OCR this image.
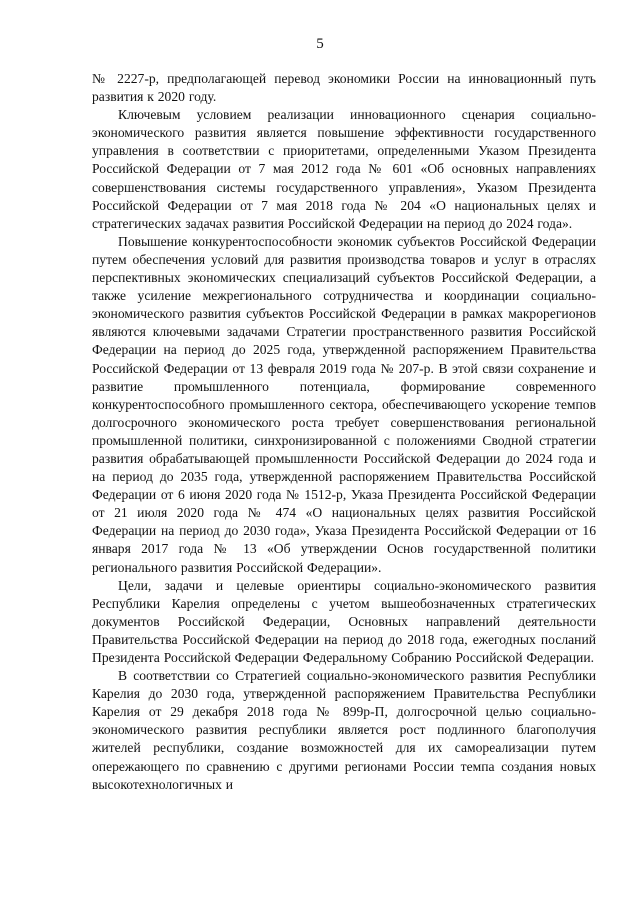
5

№ 2227-р, предполагающей перевод экономики России на инновационный путь развития к 2020 году.

Ключевым условием реализации инновационного сценария социально-экономического развития является повышение эффективности государственного управления в соответствии с приоритетами, определенными Указом Президента Российской Федерации от 7 мая 2012 года № 601 «Об основных направлениях совершенствования системы государственного управления», Указом Президента Российской Федерации от 7 мая 2018 года № 204 «О национальных целях и стратегических задачах развития Российской Федерации на период до 2024 года».

Повышение конкурентоспособности экономик субъектов Российской Федерации путем обеспечения условий для развития производства товаров и услуг в отраслях перспективных экономических специализаций субъектов Российской Федерации, а также усиление межрегионального сотрудничества и координации социально-экономического развития субъектов Российской Федерации в рамках макрорегионов являются ключевыми задачами Стратегии пространственного развития Российской Федерации на период до 2025 года, утвержденной распоряжением Правительства Российской Федерации от 13 февраля 2019 года № 207-р. В этой связи сохранение и развитие промышленного потенциала, формирование современного конкурентоспособного промышленного сектора, обеспечивающего ускорение темпов долгосрочного экономического роста требует совершенствования региональной промышленной политики, синхронизированной с положениями Сводной стратегии развития обрабатывающей промышленности Российской Федерации до 2024 года и на период до 2035 года, утвержденной распоряжением Правительства Российской Федерации от 6 июня 2020 года № 1512-р, Указа Президента Российской Федерации от 21 июля 2020 года № 474 «О национальных целях развития Российской Федерации на период до 2030 года», Указа Президента Российской Федерации от 16 января 2017 года № 13 «Об утверждении Основ государственной политики регионального развития Российской Федерации».

Цели, задачи и целевые ориентиры социально-экономического развития Республики Карелия определены с учетом вышеобозначенных стратегических документов Российской Федерации, Основных направлений деятельности Правительства Российской Федерации на период до 2018 года, ежегодных посланий Президента Российской Федерации Федеральному Собранию Российской Федерации.

В соответствии со Стратегией социально-экономического развития Республики Карелия до 2030 года, утвержденной распоряжением Правительства Республики Карелия от 29 декабря 2018 года № 899р-П, долгосрочной целью социально-экономического развития республики является рост подлинного благополучия жителей республики, создание возможностей для их самореализации путем опережающего по сравнению с другими регионами России темпа создания новых высокотехнологичных и
